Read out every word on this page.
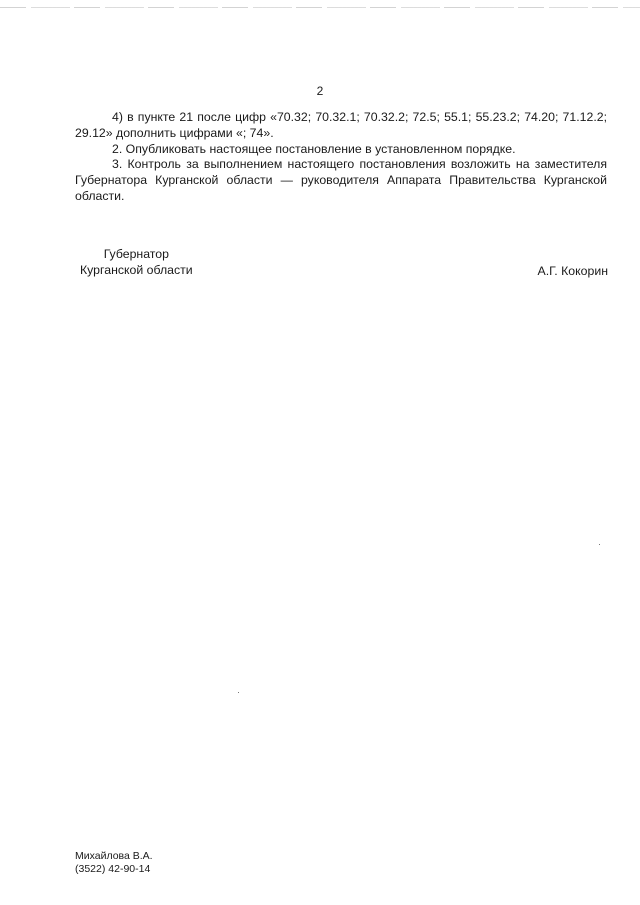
2

4) в пункте 21 после цифр «70.32; 70.32.1; 70.32.2; 72.5; 55.1; 55.23.2; 74.20; 71.12.2; 29.12» дополнить цифрами «; 74».

2. Опубликовать настоящее постановление в установленном порядке.

3. Контроль за выполнением настоящего постановления возложить на заместителя Губернатора Курганской области — руководителя Аппарата Правительства Курганской области.

Губернатор
Курганской области	А.Г. Кокорин
Михайлова В.А.
(3522) 42-90-14
